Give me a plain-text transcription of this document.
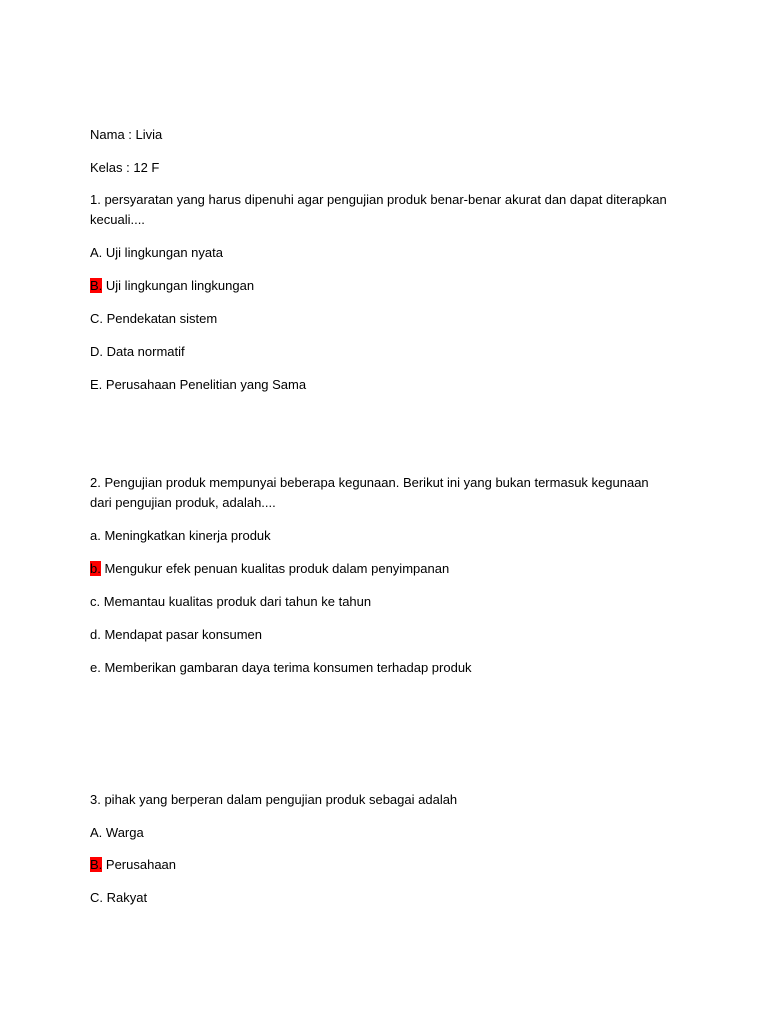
Nama : Livia
Kelas : 12 F
1. persyaratan yang harus dipenuhi agar pengujian produk benar-benar akurat dan dapat diterapkan kecuali....
A. Uji lingkungan nyata
B. Uji lingkungan lingkungan
C. Pendekatan sistem
D. Data normatif
E. Perusahaan Penelitian yang Sama
2. Pengujian produk mempunyai beberapa kegunaan. Berikut ini yang bukan termasuk kegunaan dari pengujian produk, adalah....
a. Meningkatkan kinerja produk
b. Mengukur efek penuan kualitas produk dalam penyimpanan
c. Memantau kualitas produk dari tahun ke tahun
d. Mendapat pasar konsumen
e. Memberikan gambaran daya terima konsumen terhadap produk
3. pihak yang berperan dalam pengujian produk sebagai adalah
A. Warga
B. Perusahaan
C. Rakyat
